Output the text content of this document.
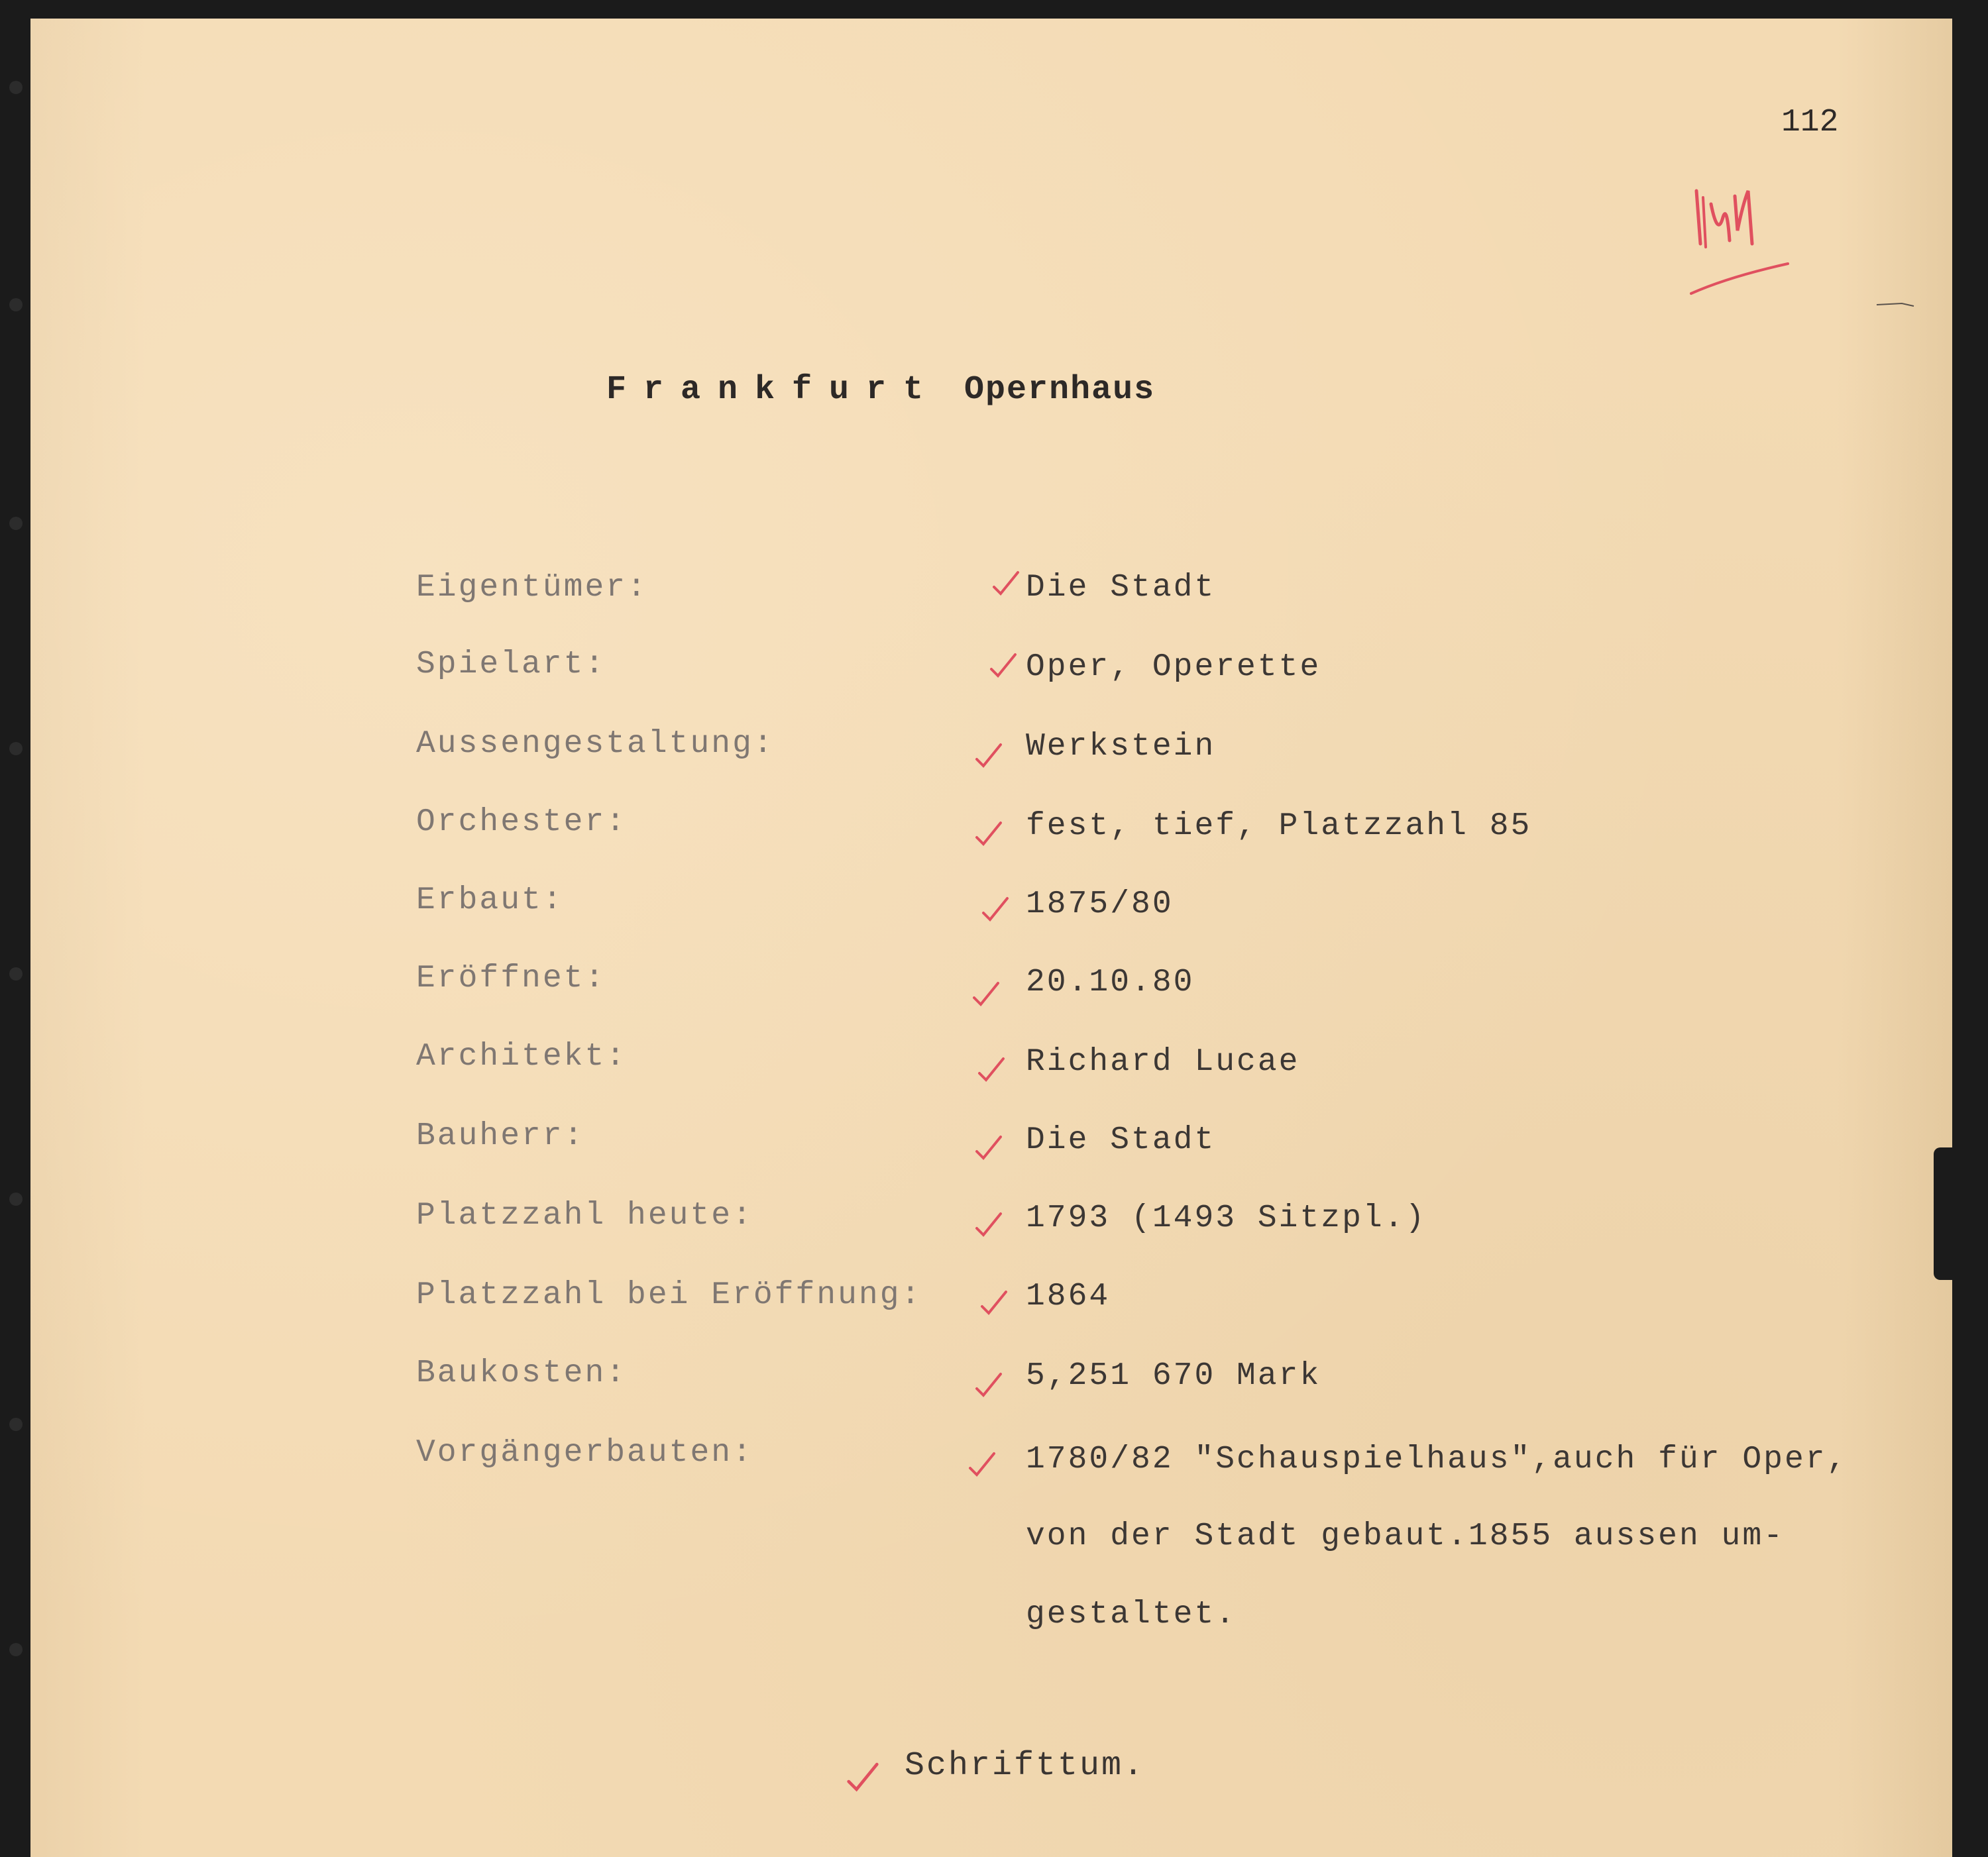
112

Frankfurt Opernhaus

Eigentümer:	Die Stadt

Spielart:	Oper, Operette

Aussengestaltung:	Werkstein

Orchester:	fest, tief, Platzzahl 85

Erbaut:	1875/80

Eröffnet:	20.10.80

Architekt:	Richard Lucae

Bauherr:	Die Stadt

Platzzahl heute:	1793 (1493 Sitzpl.)

Platzzahl bei Eröffnung:	1864

Baukosten:	5,251 670 Mark

Vorgängerbauten:	1780/82 "Schauspielhaus",auch für Oper,

von der Stadt gebaut.1855 aussen um-

gestaltet.

Schrifttum.
